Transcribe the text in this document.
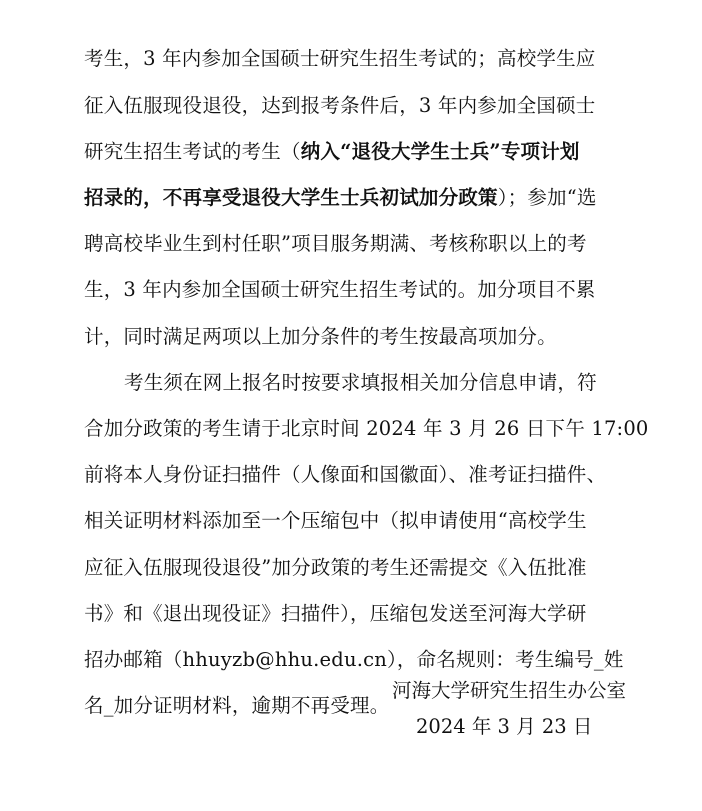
考生，3 年内参加全国硕士研究生招生考试的；高校学生应
征入伍服现役退役，达到报考条件后，3 年内参加全国硕士
研究生招生考试的考生（纳入“退役大学生士兵”专项计划
招录的，不再享受退役大学生士兵初试加分政策）；参加“选
聘高校毕业生到村任职”项目服务期满、考核称职以上的考
生，3 年内参加全国硕士研究生招生考试的。加分项目不累
计，同时满足两项以上加分条件的考生按最高项加分。
考生须在网上报名时按要求填报相关加分信息申请，符
合加分政策的考生请于北京时间 2024 年 3 月 26 日下午 17:00
前将本人身份证扫描件（人像面和国徽面）、准考证扫描件、
相关证明材料添加至一个压缩包中（拟申请使用“高校学生
应征入伍服现役退役”加分政策的考生还需提交《入伍批准
书》和《退出现役证》扫描件），压缩包发送至河海大学研
招办邮箱（hhuyzb@hhu.edu.cn），命名规则：考生编号_姓
名_加分证明材料，逾期不再受理。
河海大学研究生招生办公室
2024 年 3 月 23 日
